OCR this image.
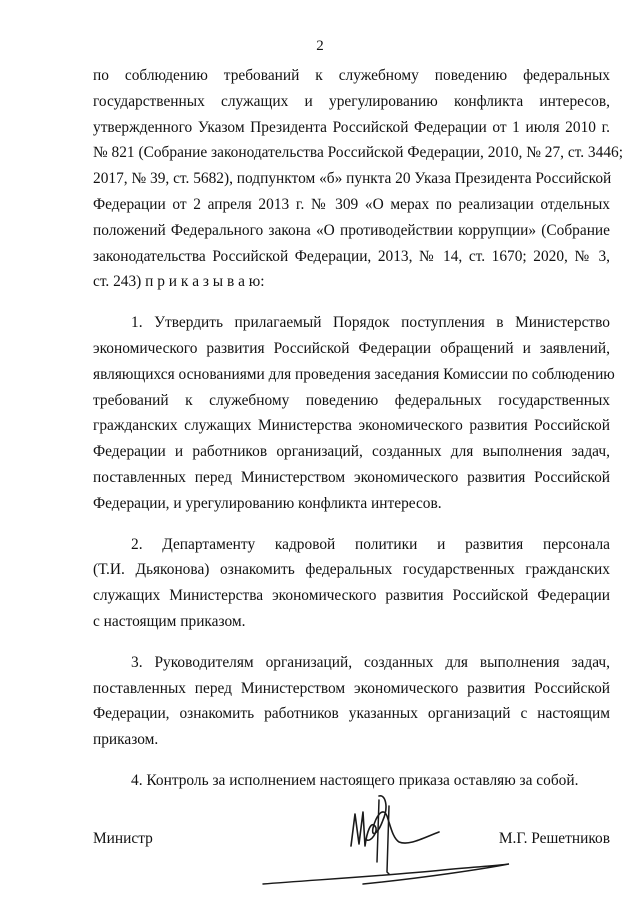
2
по соблюдению требований к служебному поведению федеральных
государственных служащих и урегулированию конфликта интересов,
утвержденного Указом Президента Российской Федерации от 1 июля 2010 г.
№ 821 (Собрание законодательства Российской Федерации, 2010, № 27, ст. 3446;
2017, № 39, ст. 5682), подпунктом «б» пункта 20 Указа Президента Российской
Федерации от 2 апреля 2013 г. № 309 «О мерах по реализации отдельных
положений Федерального закона «О противодействии коррупции» (Собрание
законодательства Российской Федерации, 2013, № 14, ст. 1670; 2020, № 3,
ст. 243) п р и к а з ы в а ю:
1. Утвердить прилагаемый Порядок поступления в Министерство
экономического развития Российской Федерации обращений и заявлений,
являющихся основаниями для проведения заседания Комиссии по соблюдению
требований к служебному поведению федеральных государственных
гражданских служащих Министерства экономического развития Российской
Федерации и работников организаций, созданных для выполнения задач,
поставленных перед Министерством экономического развития Российской
Федерации, и урегулированию конфликта интересов.
2. Департаменту кадровой политики и развития персонала
(Т.И. Дьяконова) ознакомить федеральных государственных гражданских
служащих Министерства экономического развития Российской Федерации
с настоящим приказом.
3. Руководителям организаций, созданных для выполнения задач,
поставленных перед Министерством экономического развития Российской
Федерации, ознакомить работников указанных организаций с настоящим
приказом.
4. Контроль за исполнением настоящего приказа оставляю за собой.
Министр	М.Г. Решетников
